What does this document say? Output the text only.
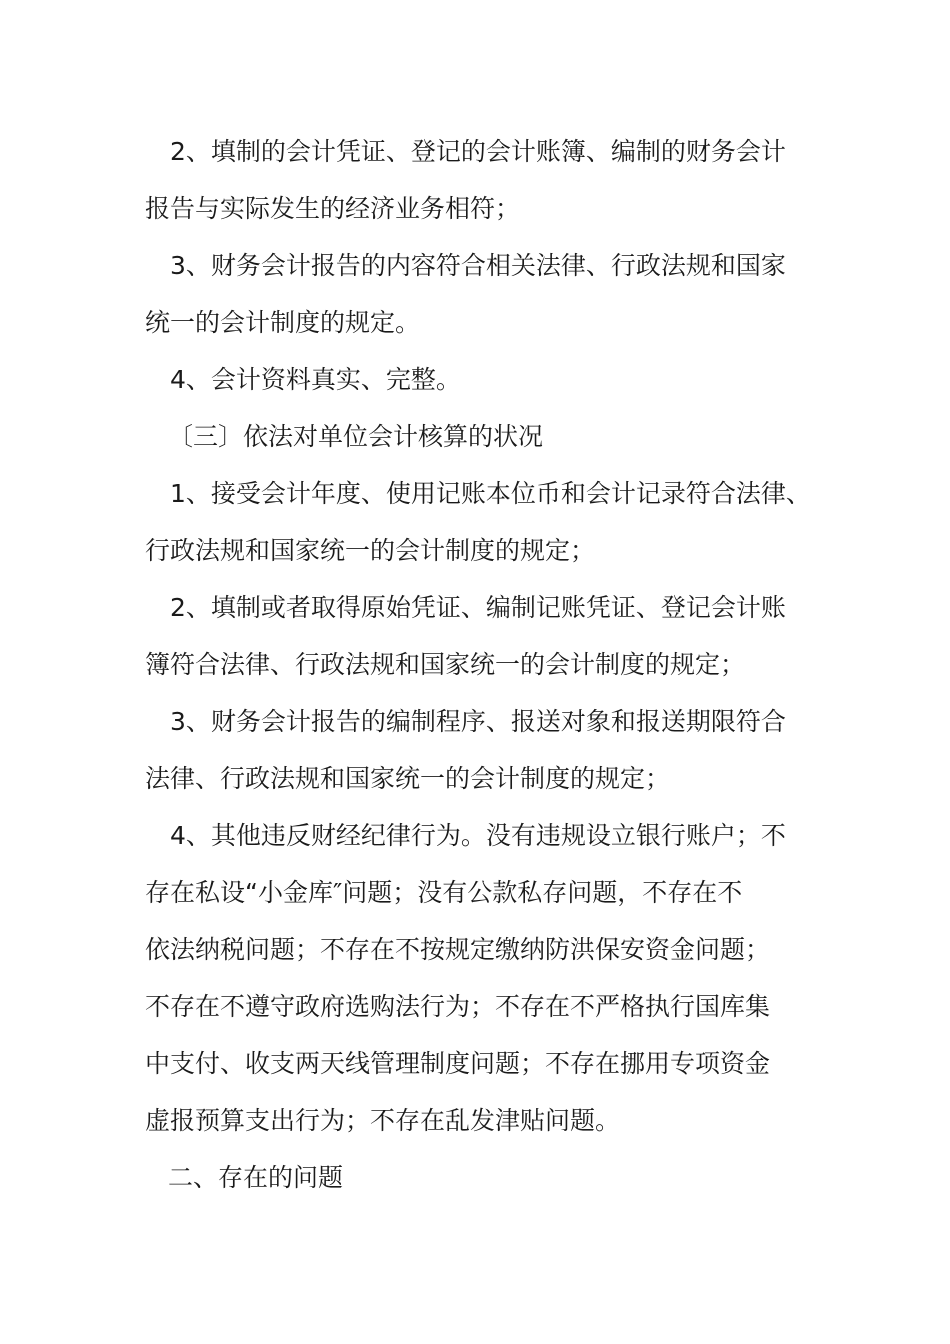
2、填制的会计凭证、登记的会计账簿、编制的财务会计
报告与实际发生的经济业务相符；
3、财务会计报告的内容符合相关法律、行政法规和国家
统一的会计制度的规定。
4、会计资料真实、完整。
〔三〕依法对单位会计核算的状况
1、接受会计年度、使用记账本位币和会计记录符合法律、
行政法规和国家统一的会计制度的规定；
2、填制或者取得原始凭证、编制记账凭证、登记会计账
簿符合法律、行政法规和国家统一的会计制度的规定；
3、财务会计报告的编制程序、报送对象和报送期限符合
法律、行政法规和国家统一的会计制度的规定；
4、其他违反财经纪律行为。没有违规设立银行账户；不
存在私设“小金库″问题；没有公款私存问题，不存在不
依法纳税问题；不存在不按规定缴纳防洪保安资金问题；
不存在不遵守政府选购法行为；不存在不严格执行国库集
中支付、收支两天线管理制度问题；不存在挪用专项资金
虚报预算支出行为；不存在乱发津贴问题。
二、存在的问题
